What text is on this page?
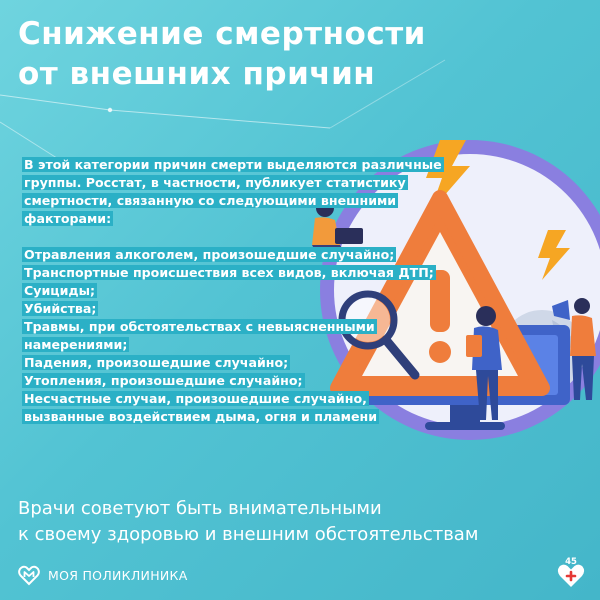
Снижение смертности
от внешних причин

В этой категории причин смерти выделяются различные группы. Росстат, в частности, публикует статистику смертности, связанную со следующими внешними факторами:

Отравления алкоголем, произошедшие случайно;
Транспортные происшествия всех видов, включая ДТП;
Суициды;
Убийства;
Травмы, при обстоятельствах с невыясненными намерениями;
Падения, произошедшие случайно;
Утопления, произошедшие случайно;
Несчастные случаи, произошедшие случайно, вызванные воздействием дыма, огня и пламени

Врачи советуют быть внимательными
к своему здоровью и внешним обстоятельствам
МОЯ ПОЛИКЛИНИКА
45
